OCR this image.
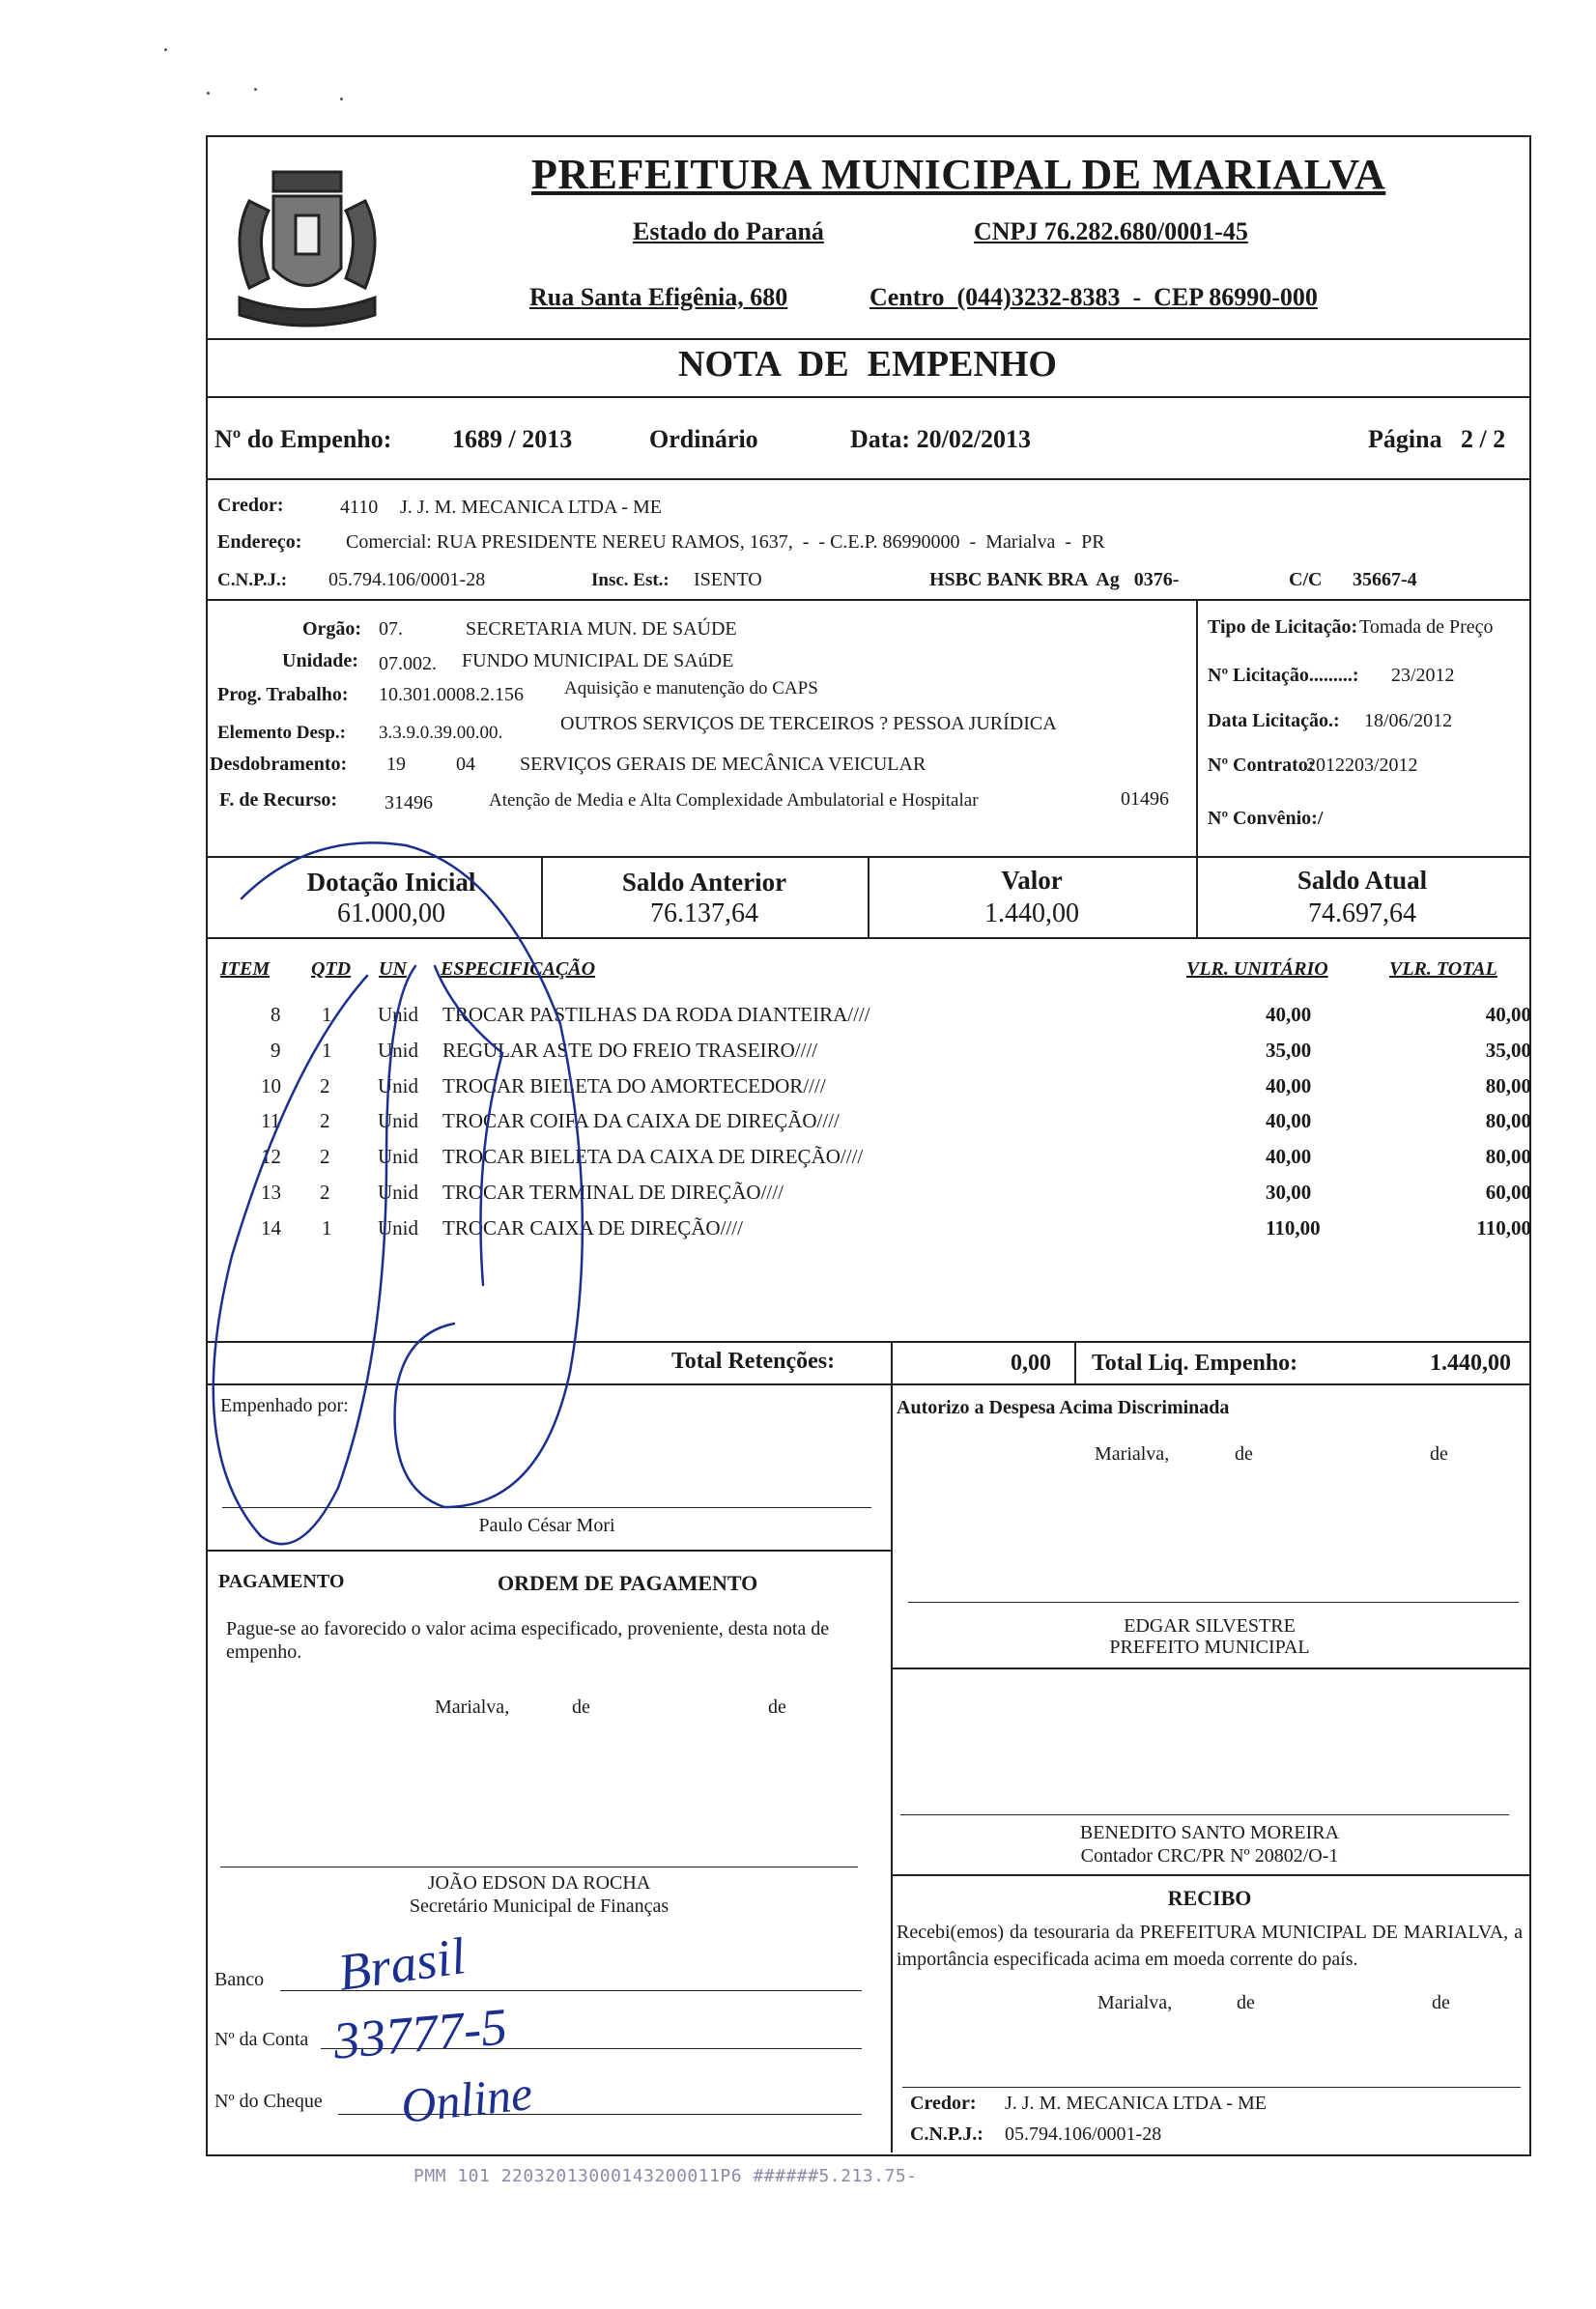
PREFEITURA MUNICIPAL DE MARIALVA
Estado do Paraná	CNPJ 76.282.680/0001-45
Rua Santa Efigênia, 680	Centro  (044)3232-8383  -  CEP 86990-000
NOTA  DE  EMPENHO
Nº do Empenho: 1689 / 2013	Ordinário	Data: 20/02/2013	Página 2 / 2
Credor:	4110 J. J. M. MECANICA LTDA - ME
Endereço: Comercial: RUA PRESIDENTE NEREU RAMOS, 1637,  -  - C.E.P. 86990000  -  Marialva  -  PR
C.N.P.J.: 05.794.106/0001-28	Insc. Est.: ISENTO	HSBC BANK BRA  Ag   0376-	C/C 35667-4
Orgão: 07.	SECRETARIA MUN. DE SAÚDE
Unidade: 07.002. FUNDO MUNICIPAL DE SAúDE
Prog. Trabalho: 10.301.0008.2.156 Aquisição e manutenção do CAPS
Elemento Desp.: 3.3.9.0.39.00.00.	OUTROS SERVIÇOS DE TERCEIROS ? PESSOA JURÍDICA
Desdobramento: 19	04 SERVIÇOS GERAIS DE MECÂNICA VEICULAR
F. de Recurso: 31496	Atenção de Media e Alta Complexidade Ambulatorial e Hospitalar	01496
Tipo de Licitação: Tomada de Preço
Nº Licitação.........: 23/2012
Data Licitação.: 18/06/2012
Nº Contrato:
2012203/2012
Nº Convênio:/
Dotação Inicial
61.000,00
Saldo Anterior
76.137,64
Valor
1.440,00
Saldo Atual
74.697,64
ITEM QTD UN ESPECIFICAÇÃO	VLR. UNITÁRIO	VLR. TOTAL
8 1 Unid TROCAR PASTILHAS DA RODA DIANTEIRA////	40,00	40,00
9 1 Unid REGULAR ASTE DO FREIO TRASEIRO////	35,00	35,00
10 2 Unid TROCAR BIELETA DO AMORTECEDOR////	40,00	80,00
11 2 Unid TROCAR COIFA DA CAIXA DE DIREÇÃO////	40,00	80,00
12 2 Unid TROCAR BIELETA DA CAIXA DE DIREÇÃO////	40,00	80,00
13 2 Unid TROCAR TERMINAL DE DIREÇÃO////	30,00	60,00
14 1 Unid TROCAR CAIXA DE DIREÇÃO////	110,00	110,00
Total Retenções:	0,00 Total Liq. Empenho:	1.440,00
Empenhado por:
Paulo César Mori
Autorizo a Despesa Acima Discriminada
Marialva,	de	de
EDGAR SILVESTRE
PREFEITO MUNICIPAL
PAGAMENTO	ORDEM DE PAGAMENTO
Pague-se ao favorecido o valor acima especificado, proveniente, desta nota de empenho.
Marialva,	de	de
JOÃO EDSON DA ROCHA
Secretário Municipal de Finanças
Banco
Nº da Conta
Nº do Cheque
Brasil
33777-5
Online
BENEDITO SANTO MOREIRA
Contador CRC/PR Nº 20802/O-1
RECIBO
Recebi(emos) da tesouraria da PREFEITURA MUNICIPAL DE MARIALVA, a importância especificada acima em moeda corrente do país.
Marialva,	de	de
Credor: J. J. M. MECANICA LTDA - ME
C.N.P.J.: 05.794.106/0001-28
PMM 101 22032013000143200011P6 ######5.213.75-
